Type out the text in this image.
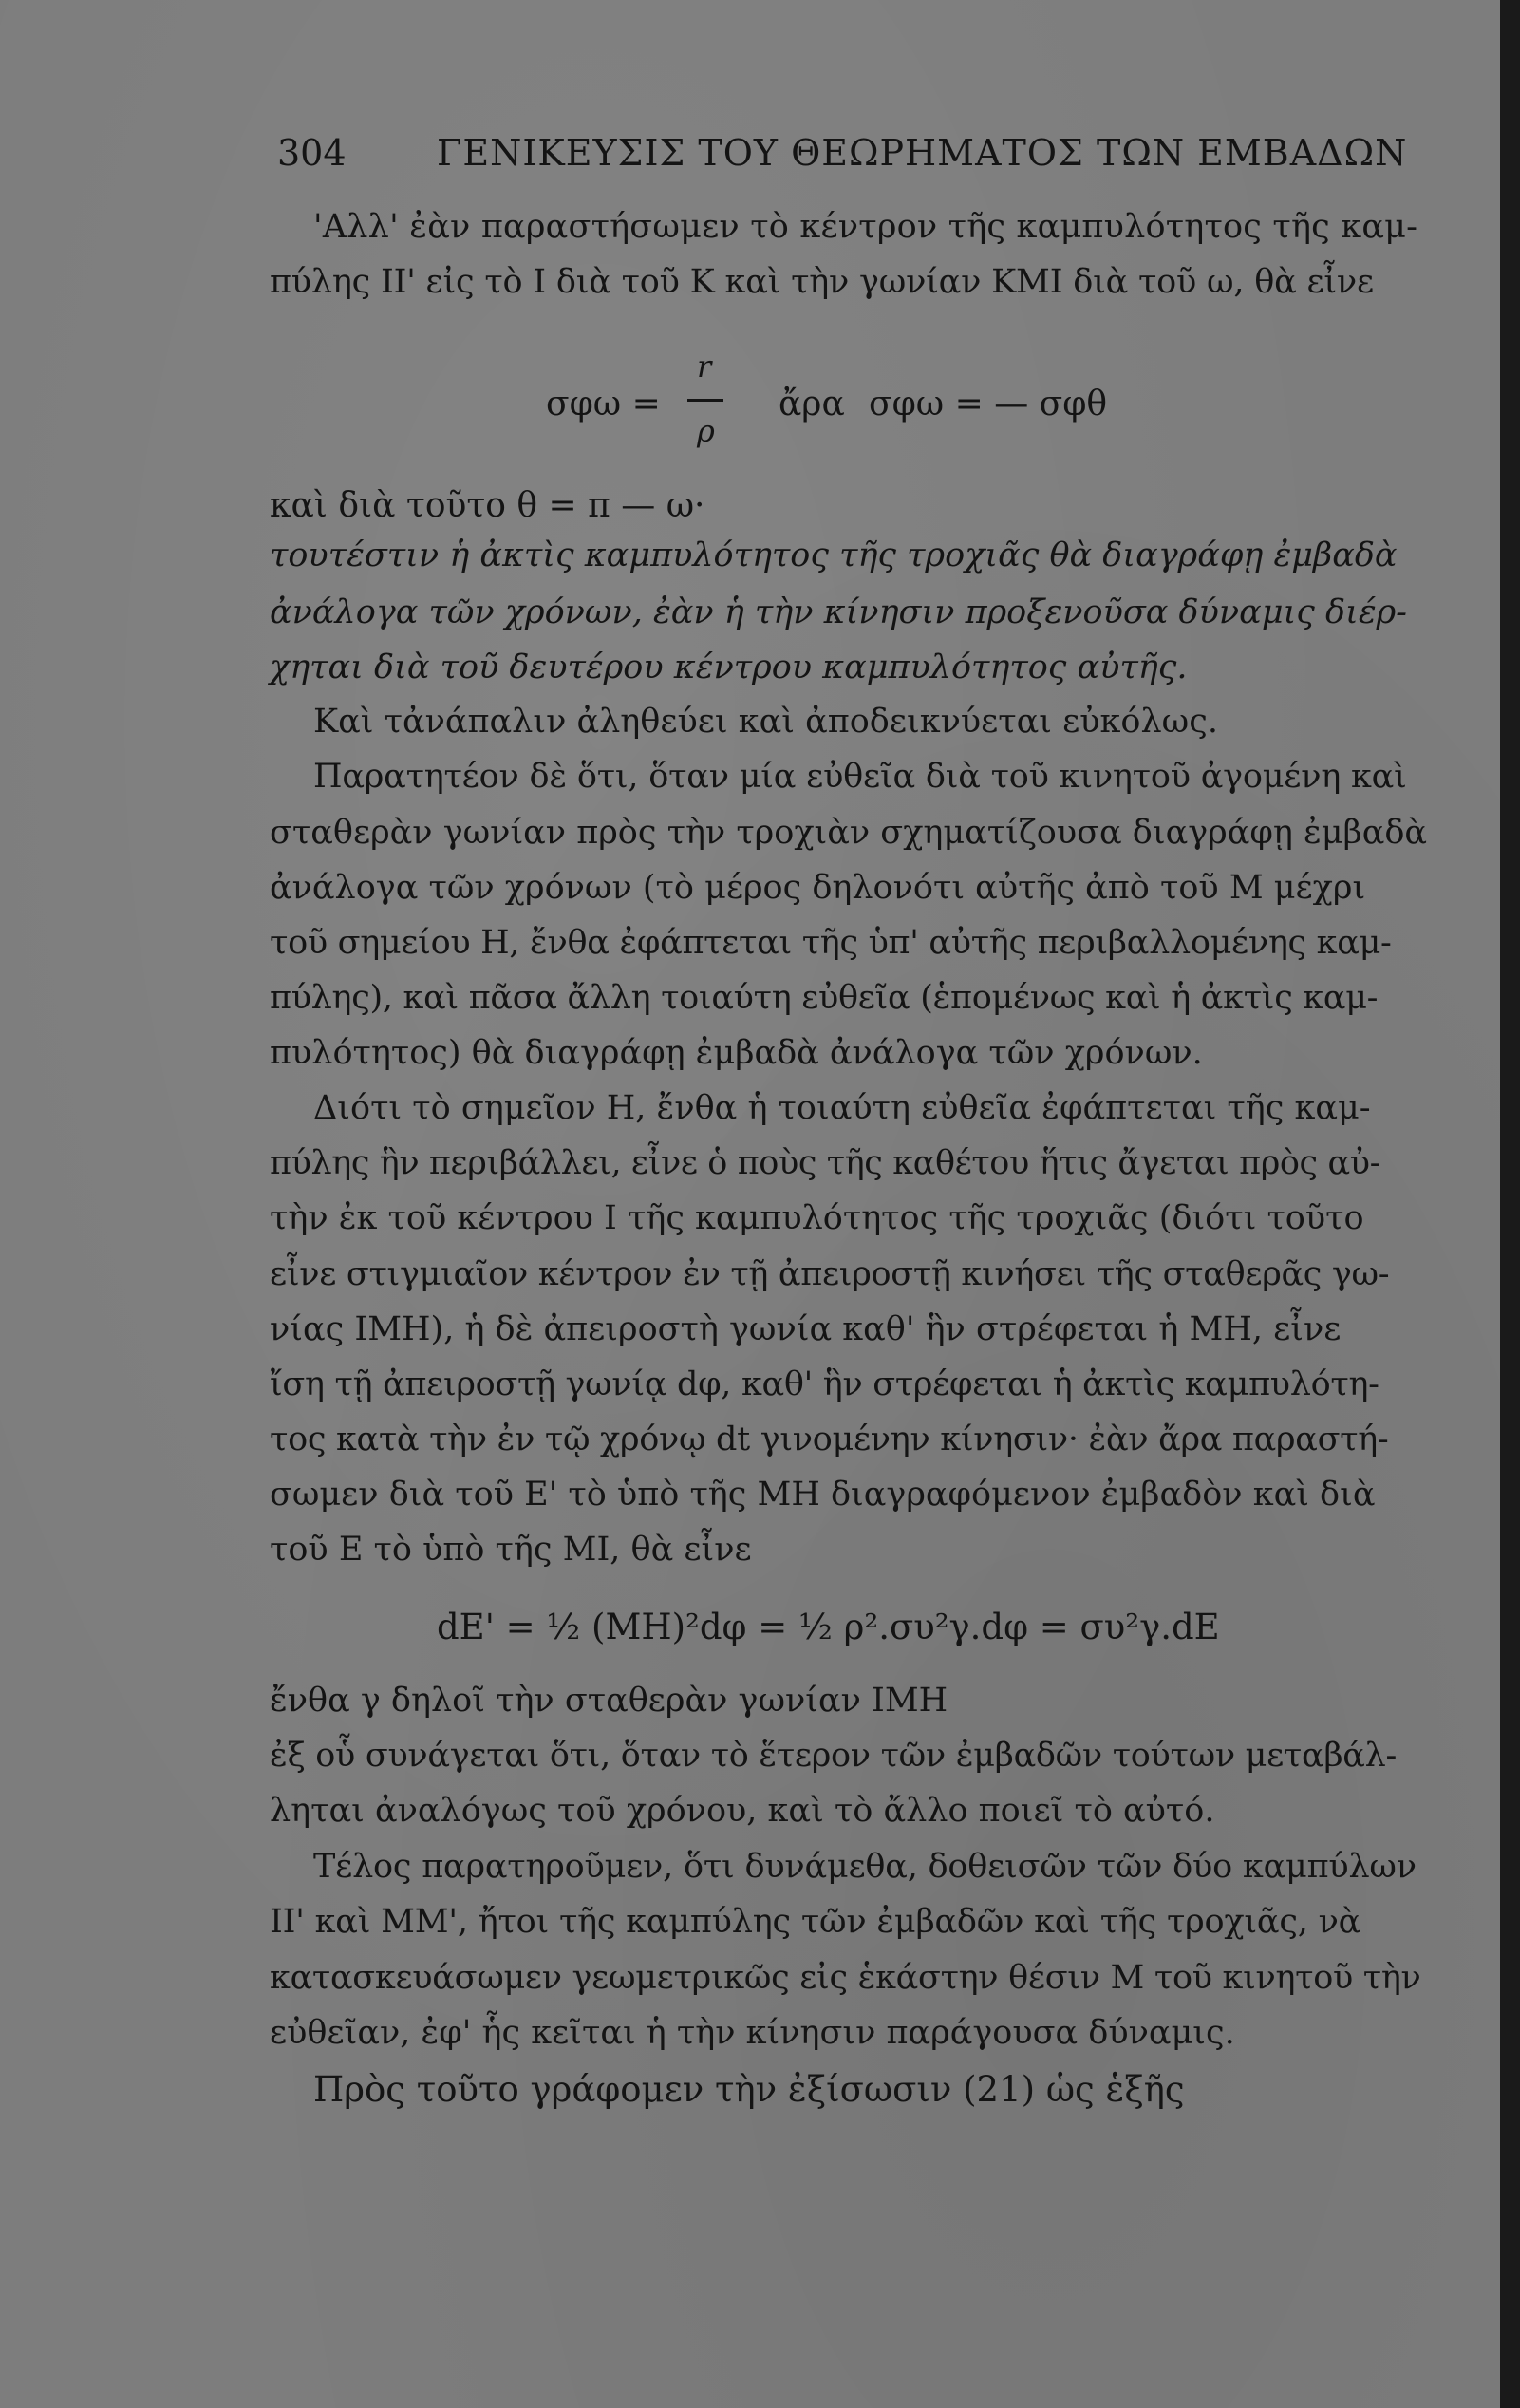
304	ΓΕΝΙΚΕΥΣΙΣ ΤΟΥ ΘΕΩΡΗΜΑΤΟΣ ΤΩΝ ΕΜΒΑΔΩΝ
'Αλλ' ἐὰν παραστήσωμεν τὸ κέντρον τῆς καμπυλότητος τῆς καμ-
πύλης ΙΙ' εἰς τὸ Ι διὰ τοῦ Κ καὶ τὴν γωνίαν ΚΜΙ διὰ τοῦ ω, θὰ εἶνε
σφω =
r
ρ
ἄρα σφω = — σφθ
καὶ διὰ τοῦτο θ = π — ω·
τουτέστιν ἡ ἀκτὶς καμπυλότητος τῆς τροχιᾶς θὰ διαγράφῃ ἐμβαδὰ
ἀνάλογα τῶν χρόνων, ἐὰν ἡ τὴν κίνησιν προξενοῦσα δύναμις διέρ-
χηται διὰ τοῦ δευτέρου κέντρου καμπυλότητος αὐτῆς.
Καὶ τἀνάπαλιν ἀληθεύει καὶ ἀποδεικνύεται εὐκόλως.
Παρατητέον δὲ ὅτι, ὅταν μία εὐθεῖα διὰ τοῦ κινητοῦ ἀγομένη καὶ
σταθερὰν γωνίαν πρὸς τὴν τροχιὰν σχηματίζουσα διαγράφῃ ἐμβαδὰ
ἀνάλογα τῶν χρόνων (τὸ μέρος δηλονότι αὐτῆς ἀπὸ τοῦ Μ μέχρι
τοῦ σημείου Η, ἔνθα ἐφάπτεται τῆς ὑπ' αὐτῆς περιβαλλομένης καμ-
πύλης), καὶ πᾶσα ἄλλη τοιαύτη εὐθεῖα (ἑπομένως καὶ ἡ ἀκτὶς καμ-
πυλότητος) θὰ διαγράφῃ ἐμβαδὰ ἀνάλογα τῶν χρόνων.
Διότι τὸ σημεῖον Η, ἔνθα ἡ τοιαύτη εὐθεῖα ἐφάπτεται τῆς καμ-
πύλης ἣν περιβάλλει, εἶνε ὁ ποὺς τῆς καθέτου ἥτις ἄγεται πρὸς αὐ-
τὴν ἐκ τοῦ κέντρου Ι τῆς καμπυλότητος τῆς τροχιᾶς (διότι τοῦτο
εἶνε στιγμιαῖον κέντρον ἐν τῇ ἀπειροστῇ κινήσει τῆς σταθερᾶς γω-
νίας ΙΜΗ), ἡ δὲ ἀπειροστὴ γωνία καθ' ἣν στρέφεται ἡ ΜΗ, εἶνε
ἴση τῇ ἀπειροστῇ γωνίᾳ dφ, καθ' ἣν στρέφεται ἡ ἀκτὶς καμπυλότη-
τος κατὰ τὴν ἐν τῷ χρόνῳ dt γινομένην κίνησιν· ἐὰν ἄρα παραστή-
σωμεν διὰ τοῦ Ε' τὸ ὑπὸ τῆς ΜΗ διαγραφόμενον ἐμβαδὸν καὶ διὰ
τοῦ Ε τὸ ὑπὸ τῆς ΜΙ, θὰ εἶνε
dE' = ½ (ΜΗ)²dφ = ½ ρ².συ²γ.dφ = συ²γ.dE
ἔνθα γ δηλοῖ τὴν σταθερὰν γωνίαν ΙΜΗ
ἐξ οὗ συνάγεται ὅτι, ὅταν τὸ ἕτερον τῶν ἐμβαδῶν τούτων μεταβάλ-
ληται ἀναλόγως τοῦ χρόνου, καὶ τὸ ἄλλο ποιεῖ τὸ αὐτό.
Τέλος παρατηροῦμεν, ὅτι δυνάμεθα, δοθεισῶν τῶν δύο καμπύλων
ΙΙ' καὶ ΜΜ', ἤτοι τῆς καμπύλης τῶν ἐμβαδῶν καὶ τῆς τροχιᾶς, νὰ
κατασκευάσωμεν γεωμετρικῶς εἰς ἑκάστην θέσιν Μ τοῦ κινητοῦ τὴν
εὐθεῖαν, ἐφ' ἧς κεῖται ἡ τὴν κίνησιν παράγουσα δύναμις.
Πρὸς τοῦτο γράφομεν τὴν ἐξίσωσιν (21) ὡς ἑξῆς
